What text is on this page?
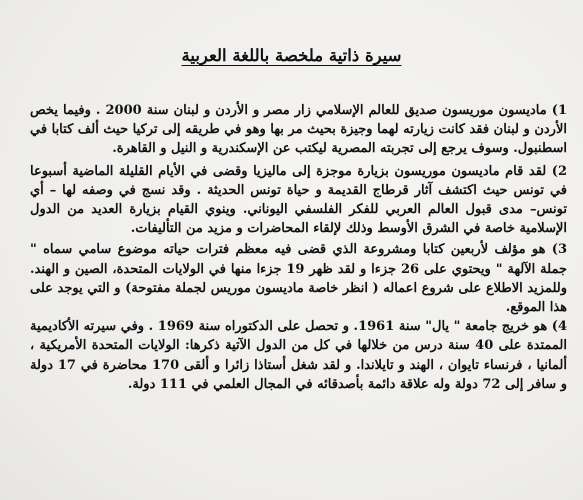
سيرة ذاتية ملخصة باللغة العربية

1) ماديسون موريسون صديق للعالم الإسلامي زار مصر و الأردن و لبنان سنة 2000 . وفيما يخص الأردن و لبنان فقد كانت زيارته لهما وجيزة بحيث مر بها وهو في طريقه إلى تركيا حيث ألف كتابا في اسطنبول. وسوف يرجع إلى تجربته المصرية ليكتب عن الإسكندرية و النيل و القاهرة.

2) لقد قام ماديسون موريسون بزيارة موجزة إلى ماليزيا وقضى في الأيام القليلة الماضية أسبوعا في تونس حيث اكتشف آثار قرطاج القديمة و حياة تونس الحديثة . وقد نسج في وصفه لها – أي تونس– مدى قبول العالم العربي للفكر الفلسفي اليوناني. وينوي القيام بزيارة العديد من الدول الإسلامية خاصة في الشرق الأوسط وذلك لإلقاء المحاضرات و مزيد من التأليفات.

3) هو مؤلف لأربعين كتابا ومشروعة الذي قضى فيه معظم فترات حياته موضوع سامي سماه " جملة الآلهة " ويحتوي على 26 جزءا و لقد ظهر 19 جزءا منها في الولايات المتحدة، الصين و الهند. وللمزيد الاطلاع على شروع اعماله ( انظر خاصة ماديسون موريس لجملة مفتوحة) و التي يوجد على هذا الموقع.

4) هو خريج جامعة " يال" سنة 1961. و تحصل على الدكتوراه سنة 1969 . وفي سيرته الأكاديمية الممتدة على 40 سنة درس من خلالها في كل من الدول الآتية ذكرها: الولايات المتحدة الأمريكية ، ألمانيا ، فرنساء تايوان ، الهند و تايلاندا. و لقد شغل أستاذا زائرا و ألقى 170 محاضرة في 17 دولة و سافر إلى 72 دولة وله علاقة دائمة بأصدقائه في المجال العلمي في 111 دولة.
